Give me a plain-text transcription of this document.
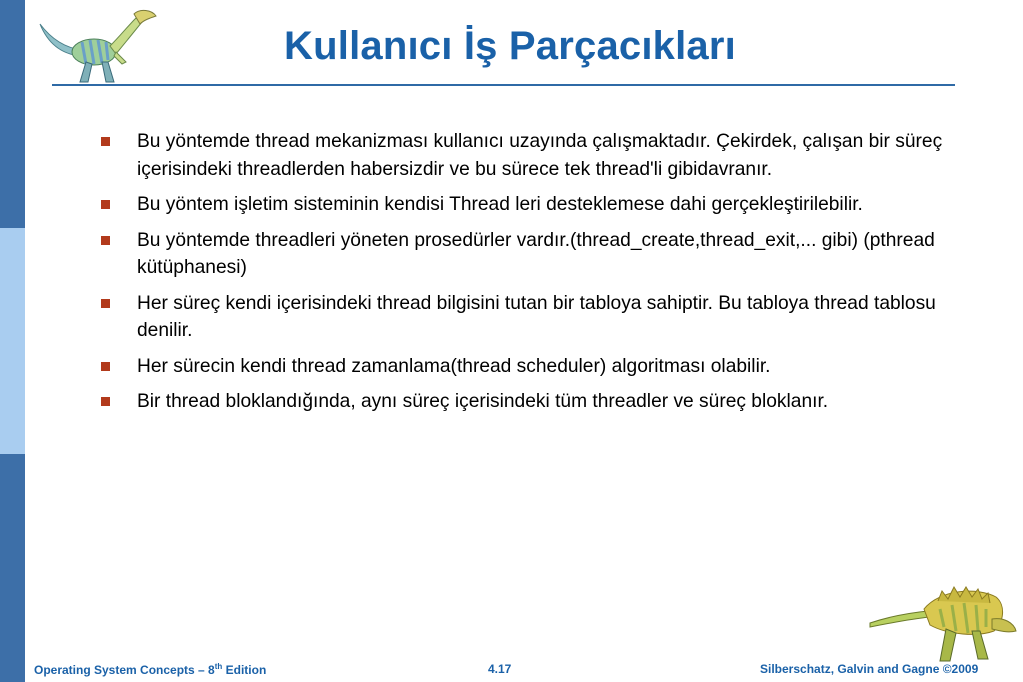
Kullanıcı İş Parçacıkları
Bu yöntemde thread mekanizması kullanıcı uzayında çalışmaktadır. Çekirdek, çalışan bir süreç içerisindeki threadlerden habersizdir ve bu sürece tek thread'li gibidavranır.
Bu yöntem işletim sisteminin kendisi Thread leri desteklemese dahi gerçekleştirilebilir.
Bu yöntemde threadleri yöneten prosedürler vardır.(thread_create,thread_exit,... gibi) (pthread kütüphanesi)
Her süreç kendi içerisindeki thread bilgisini tutan bir tabloya sahiptir. Bu tabloya thread tablosu denilir.
Her sürecin kendi thread zamanlama(thread scheduler) algoritması olabilir.
Bir thread bloklandığında, aynı süreç içerisindeki tüm threadler ve süreç bloklanır.
Operating System Concepts – 8th Edition	4.17	Silberschatz, Galvin and Gagne ©2009
